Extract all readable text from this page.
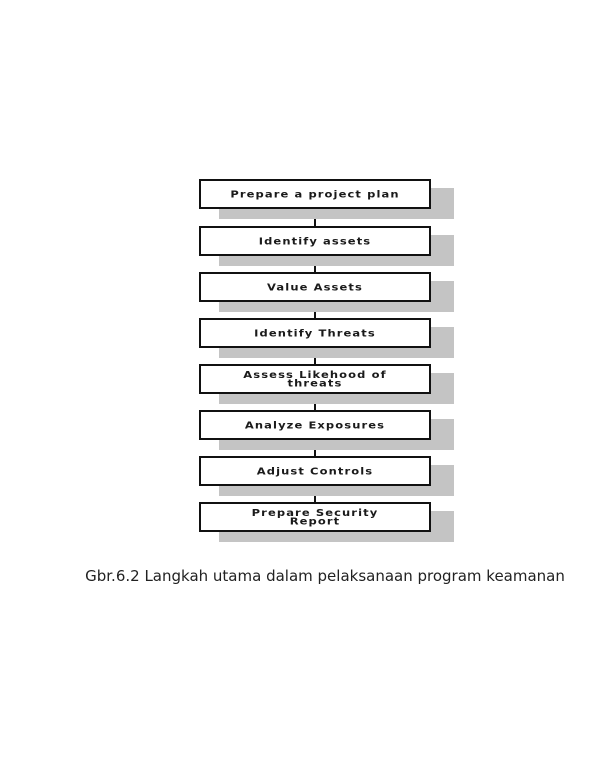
Prepare a project plan
Identify assets
Value Assets
Identify Threats
Assess Likehood of
threats
Analyze Exposures
Adjust Controls
Prepare Security
Report
Gbr.6.2 Langkah utama dalam pelaksanaan program keamanan
